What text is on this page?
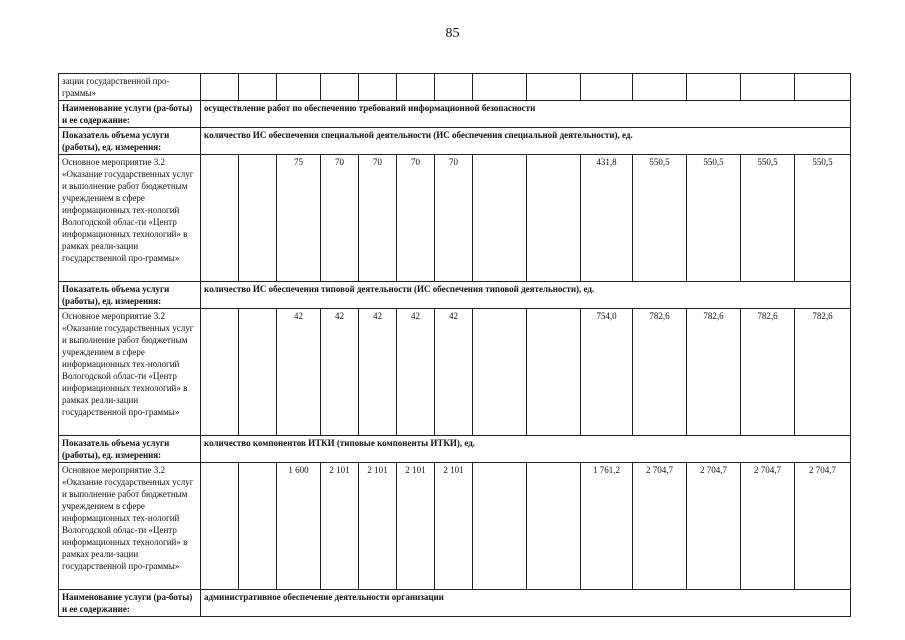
85
зации государственной про-граммы»														
Наименование услуги (ра-боты) и ее содержание:	осуществление работ по обеспечению требований информационной безопасности													
Показатель объема услуги (работы), ед. измерения:	количество ИС обеспечения специальной деятельности (ИС обеспечения специальной деятельности), ед.													
Основное мероприятие 3.2 «Оказание государственных услуг и выполнение работ бюджетным учреждением в сфере информационных тех-нологий Вологодской облас-ти «Центр информационных технологий» в рамках реали-зации государственной про-граммы»			75	70	70	70	70			431,8	550,5	550,5	550,5	550,5
Показатель объема услуги (работы), ед. измерения:	количество ИС обеспечения типовой деятельности (ИС обеспечения типовой деятельности), ед.													
Основное мероприятие 3.2 «Оказание государственных услуг и выполнение работ бюджетным учреждением в сфере информационных тех-нологий Вологодской облас-ти «Центр информационных технологий» в рамках реали-зации государственной про-граммы»			42	42	42	42	42			754,0	782,6	782,6	782,6	782,6
Показатель объема услуги (работы), ед. измерения:	количество компонентов ИТКИ (типовые компоненты ИТКИ), ед.													
Основное мероприятие 3.2 «Оказание государственных услуг и выполнение работ бюджетным учреждением в сфере информационных тех-нологий Вологодской облас-ти «Центр информационных технологий» в рамках реали-зации государственной про-граммы»			1 600	2 101	2 101	2 101	2 101			1 761,2	2 704,7	2 704,7	2 704,7	2 704,7
Наименование услуги (ра-боты) и ее содержание:	административное обеспечение деятельности организации													
